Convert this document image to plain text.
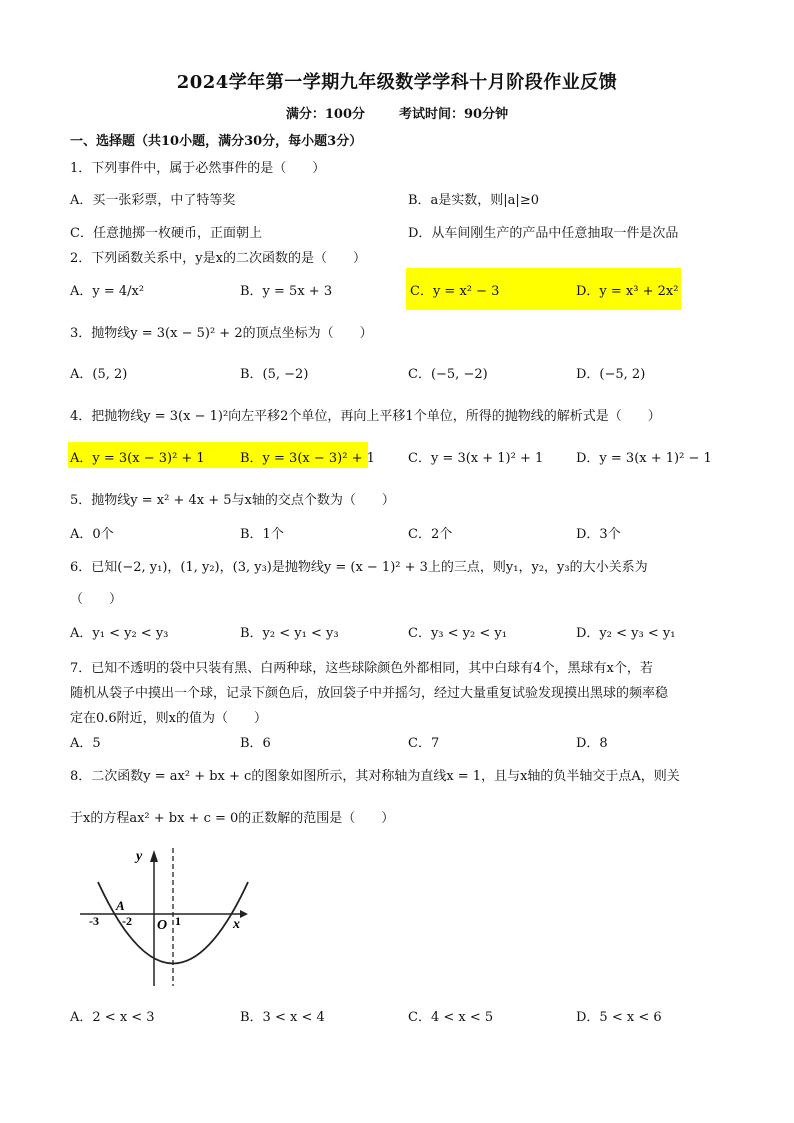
2024学年第一学期九年级数学学科十月阶段作业反馈
满分：100分	考试时间：90分钟
一、选择题（共10小题，满分30分，每小题3分）
1．下列事件中，属于必然事件的是（　　）
A．买一张彩票，中了特等奖	B．a是实数，则|a|≥0
C．任意抛掷一枚硬币，正面朝上	D．从车间刚生产的产品中任意抽取一件是次品
2．下列函数关系中，y是x的二次函数的是（　　）
A．y = 4/x²	B．y = 5x + 3	C．y = x² − 3	D．y = x³ + 2x²
3．抛物线y = 3(x − 5)² + 2的顶点坐标为（　　）
A．(5, 2)	B．(5, −2)	C．(−5, −2)	D．(−5, 2)
4．把抛物线y = 3(x − 1)²向左平移2个单位，再向上平移1个单位，所得的抛物线的解析式是（　　）
A．y = 3(x − 3)² + 1	B．y = 3(x − 3)² + 1	C．y = 3(x + 1)² + 1	D．y = 3(x + 1)² − 1
5．抛物线y = x² + 4x + 5与x轴的交点个数为（　　）
A．0个	B．1个	C．2个	D．3个
6．已知(−2, y₁)，(1, y₂)，(3, y₃)是抛物线y = (x − 1)² + 3上的三点，则y₁，y₂，y₃的大小关系为
（　　）
A．y₁ < y₂ < y₃	B．y₂ < y₁ < y₃	C．y₃ < y₂ < y₁	D．y₂ < y₃ < y₁
7．已知不透明的袋中只装有黑、白两种球，这些球除颜色外都相同，其中白球有4个，黑球有x个，若
随机从袋子中摸出一个球，记录下颜色后，放回袋子中并摇匀，经过大量重复试验发现摸出黑球的频率稳
定在0.6附近，则x的值为（　　）
A．5	B．6	C．7	D．8
8．二次函数y = ax² + bx + c的图象如图所示，其对称轴为直线x = 1，且与x轴的负半轴交于点A，则关
于x的方程ax² + bx + c = 0的正数解的范围是（　　）
y
x
A
O
-3 -2	1
A．2 < x < 3	B．3 < x < 4	C．4 < x < 5	D．5 < x < 6
